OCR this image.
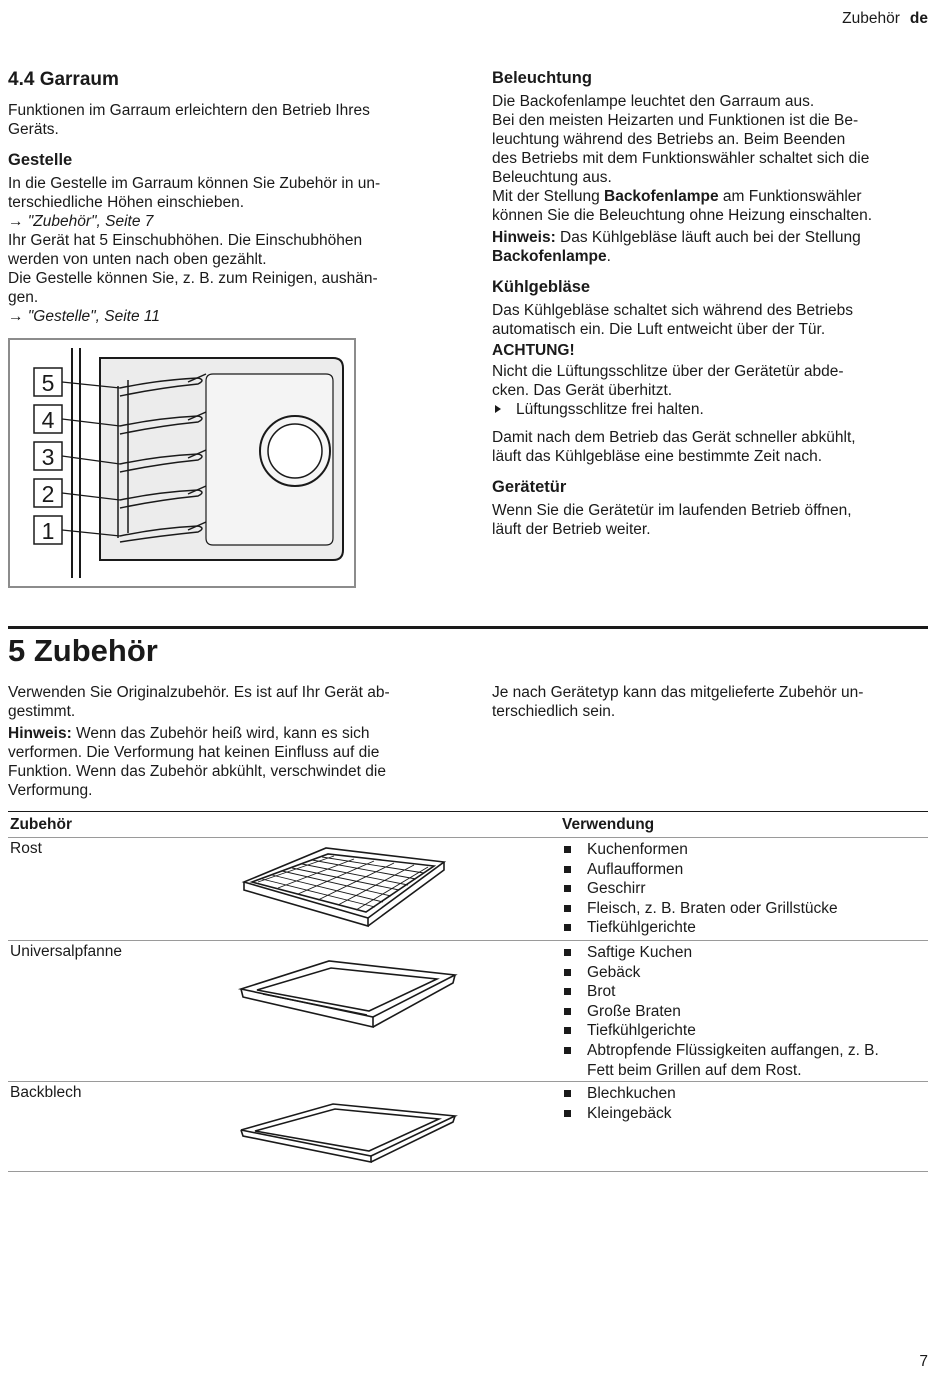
Zubehör de
4.4 Garraum

Funktionen im Garraum erleichtern den Betrieb Ihres

Geräts.

Gestelle

In die Gestelle im Garraum können Sie Zubehör in un-

terschiedliche Höhen einschieben.

→ "Zubehör", Seite 7

Ihr Gerät hat 5 Einschubhöhen. Die Einschubhöhen

werden von unten nach oben gezählt.

Die Gestelle können Sie, z. B. zum Reinigen, aushän-

gen.

→ "Gestelle", Seite 11

5
4
3
2
1
Beleuchtung

Die Backofenlampe leuchtet den Garraum aus.

Bei den meisten Heizarten und Funktionen ist die Be-

leuchtung während des Betriebs an. Beim Beenden

des Betriebs mit dem Funktionswähler schaltet sich die

Beleuchtung aus.

Mit der Stellung Backofenlampe am Funktionswähler

können Sie die Beleuchtung ohne Heizung einschalten.

Hinweis: Das Kühlgebläse läuft auch bei der Stellung

Backofenlampe.

Kühlgebläse

Das Kühlgebläse schaltet sich während des Betriebs

automatisch ein. Die Luft entweicht über der Tür.

ACHTUNG!

Nicht die Lüftungsschlitze über der Gerätetür abde-

cken. Das Gerät überhitzt.

Lüftungsschlitze frei halten.

Damit nach dem Betrieb das Gerät schneller abkühlt,

läuft das Kühlgebläse eine bestimmte Zeit nach.

Gerätetür

Wenn Sie die Gerätetür im laufenden Betrieb öffnen,

läuft der Betrieb weiter.

5 Zubehör

Verwenden Sie Originalzubehör. Es ist auf Ihr Gerät ab-

gestimmt.

Hinweis: Wenn das Zubehör heiß wird, kann es sich

verformen. Die Verformung hat keinen Einfluss auf die

Funktion. Wenn das Zubehör abkühlt, verschwindet die

Verformung.

Je nach Gerätetyp kann das mitgelieferte Zubehör un-

terschiedlich sein.

Zubehör	Verwendung
Rost	Kuchenformen
Auflaufformen
Geschirr
Fleisch, z. B. Braten oder Grillstücke
Tiefkühlgerichte
Universalpfanne	Saftige Kuchen
Gebäck
Brot
Große Braten
Tiefkühlgerichte
Abtropfende Flüssigkeiten auffangen, z. B.
Fett beim Grillen auf dem Rost.
Backblech	Blechkuchen
Kleingebäck
7
